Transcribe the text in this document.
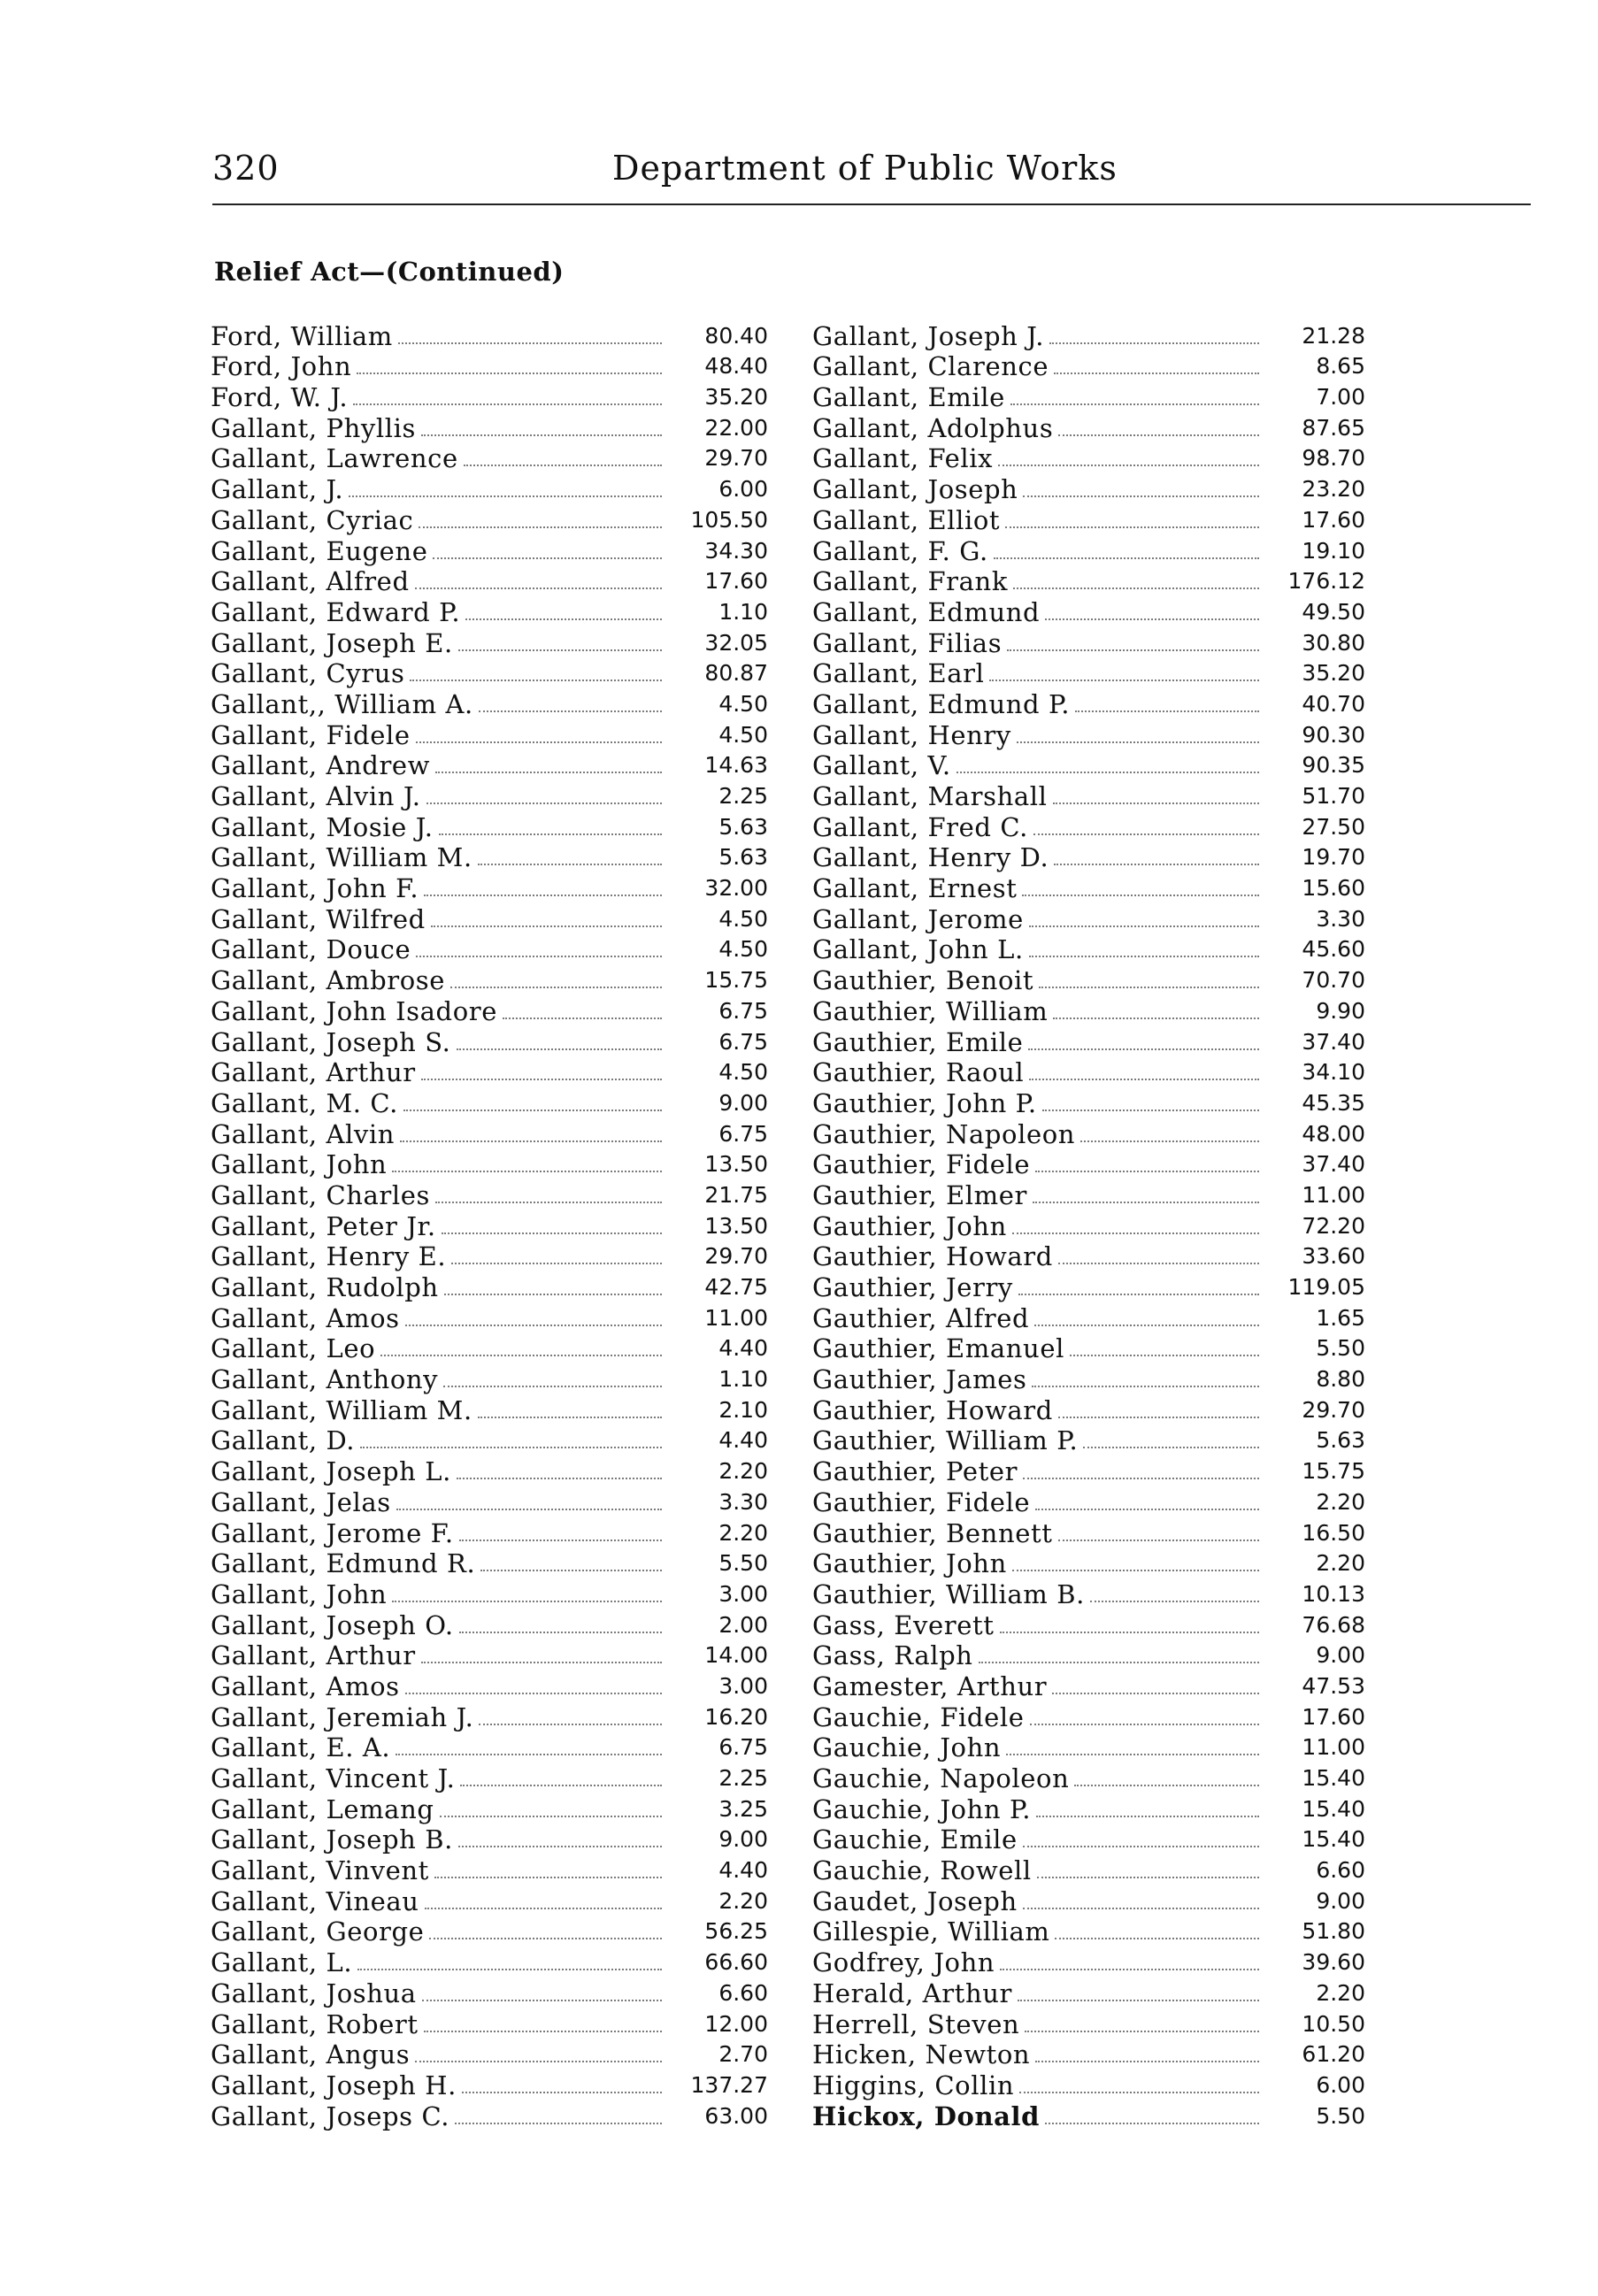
320	Department of Public Works
Relief Act—(Continued)
Ford, William	80.40
Ford, John	48.40
Ford, W. J.	35.20
Gallant, Phyllis	22.00
Gallant, Lawrence	29.70
Gallant, J.	6.00
Gallant, Cyriac	105.50
Gallant, Eugene	34.30
Gallant, Alfred	17.60
Gallant, Edward P.	1.10
Gallant, Joseph E.	32.05
Gallant, Cyrus	80.87
Gallant,, William A.	4.50
Gallant, Fidele	4.50
Gallant, Andrew	14.63
Gallant, Alvin J.	2.25
Gallant, Mosie J.	5.63
Gallant, William M.	5.63
Gallant, John F.	32.00
Gallant, Wilfred	4.50
Gallant, Douce	4.50
Gallant, Ambrose	15.75
Gallant, John Isadore	6.75
Gallant, Joseph S.	6.75
Gallant, Arthur	4.50
Gallant, M. C.	9.00
Gallant, Alvin	6.75
Gallant, John	13.50
Gallant, Charles	21.75
Gallant, Peter Jr.	13.50
Gallant, Henry E.	29.70
Gallant, Rudolph	42.75
Gallant, Amos	11.00
Gallant, Leo	4.40
Gallant, Anthony	1.10
Gallant, William M.	2.10
Gallant, D.	4.40
Gallant, Joseph L.	2.20
Gallant, Jelas	3.30
Gallant, Jerome F.	2.20
Gallant, Edmund R.	5.50
Gallant, John	3.00
Gallant, Joseph O.	2.00
Gallant, Arthur	14.00
Gallant, Amos	3.00
Gallant, Jeremiah J.	16.20
Gallant, E. A.	6.75
Gallant, Vincent J.	2.25
Gallant, Lemang	3.25
Gallant, Joseph B.	9.00
Gallant, Vinvent	4.40
Gallant, Vineau	2.20
Gallant, George	56.25
Gallant, L.	66.60
Gallant, Joshua	6.60
Gallant, Robert	12.00
Gallant, Angus	2.70
Gallant, Joseph H.	137.27
Gallant, Joseps C.	63.00
Gallant, Joseph J.	21.28
Gallant, Clarence	8.65
Gallant, Emile	7.00
Gallant, Adolphus	87.65
Gallant, Felix	98.70
Gallant, Joseph	23.20
Gallant, Elliot	17.60
Gallant, F. G.	19.10
Gallant, Frank	176.12
Gallant, Edmund	49.50
Gallant, Filias	30.80
Gallant, Earl	35.20
Gallant, Edmund P.	40.70
Gallant, Henry	90.30
Gallant, V.	90.35
Gallant, Marshall	51.70
Gallant, Fred C.	27.50
Gallant, Henry D.	19.70
Gallant, Ernest	15.60
Gallant, Jerome	3.30
Gallant, John L.	45.60
Gauthier, Benoit	70.70
Gauthier, William	9.90
Gauthier, Emile	37.40
Gauthier, Raoul	34.10
Gauthier, John P.	45.35
Gauthier, Napoleon	48.00
Gauthier, Fidele	37.40
Gauthier, Elmer	11.00
Gauthier, John	72.20
Gauthier, Howard	33.60
Gauthier, Jerry	119.05
Gauthier, Alfred	1.65
Gauthier, Emanuel	5.50
Gauthier, James	8.80
Gauthier, Howard	29.70
Gauthier, William P.	5.63
Gauthier, Peter	15.75
Gauthier, Fidele	2.20
Gauthier, Bennett	16.50
Gauthier, John	2.20
Gauthier, William B.	10.13
Gass, Everett	76.68
Gass, Ralph	9.00
Gamester, Arthur	47.53
Gauchie, Fidele	17.60
Gauchie, John	11.00
Gauchie, Napoleon	15.40
Gauchie, John P.	15.40
Gauchie, Emile	15.40
Gauchie, Rowell	6.60
Gaudet, Joseph	9.00
Gillespie, William	51.80
Godfrey, John	39.60
Herald, Arthur	2.20
Herrell, Steven	10.50
Hicken, Newton	61.20
Higgins, Collin	6.00
Hickox, Donald	5.50
